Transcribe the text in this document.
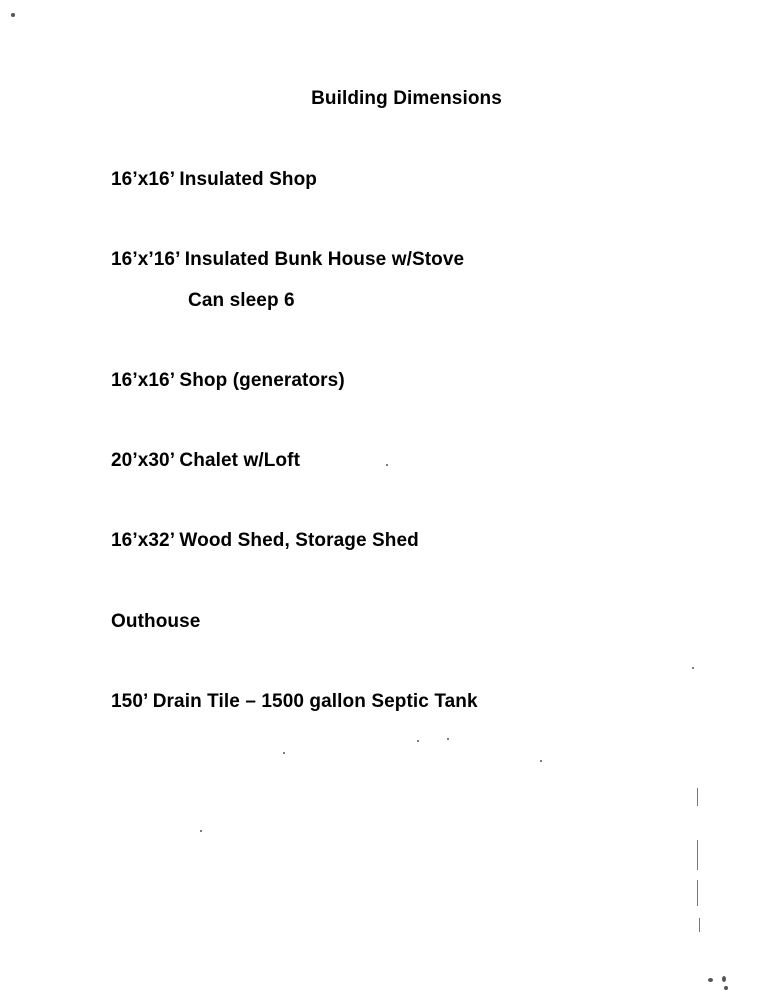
Building Dimensions
16’x16’ Insulated Shop
16’x’16’ Insulated Bunk House w/Stove
Can sleep 6
16’x16’ Shop (generators)
20’x30’ Chalet w/Loft
16’x32’ Wood Shed, Storage Shed
Outhouse
150’ Drain Tile – 1500 gallon Septic Tank
